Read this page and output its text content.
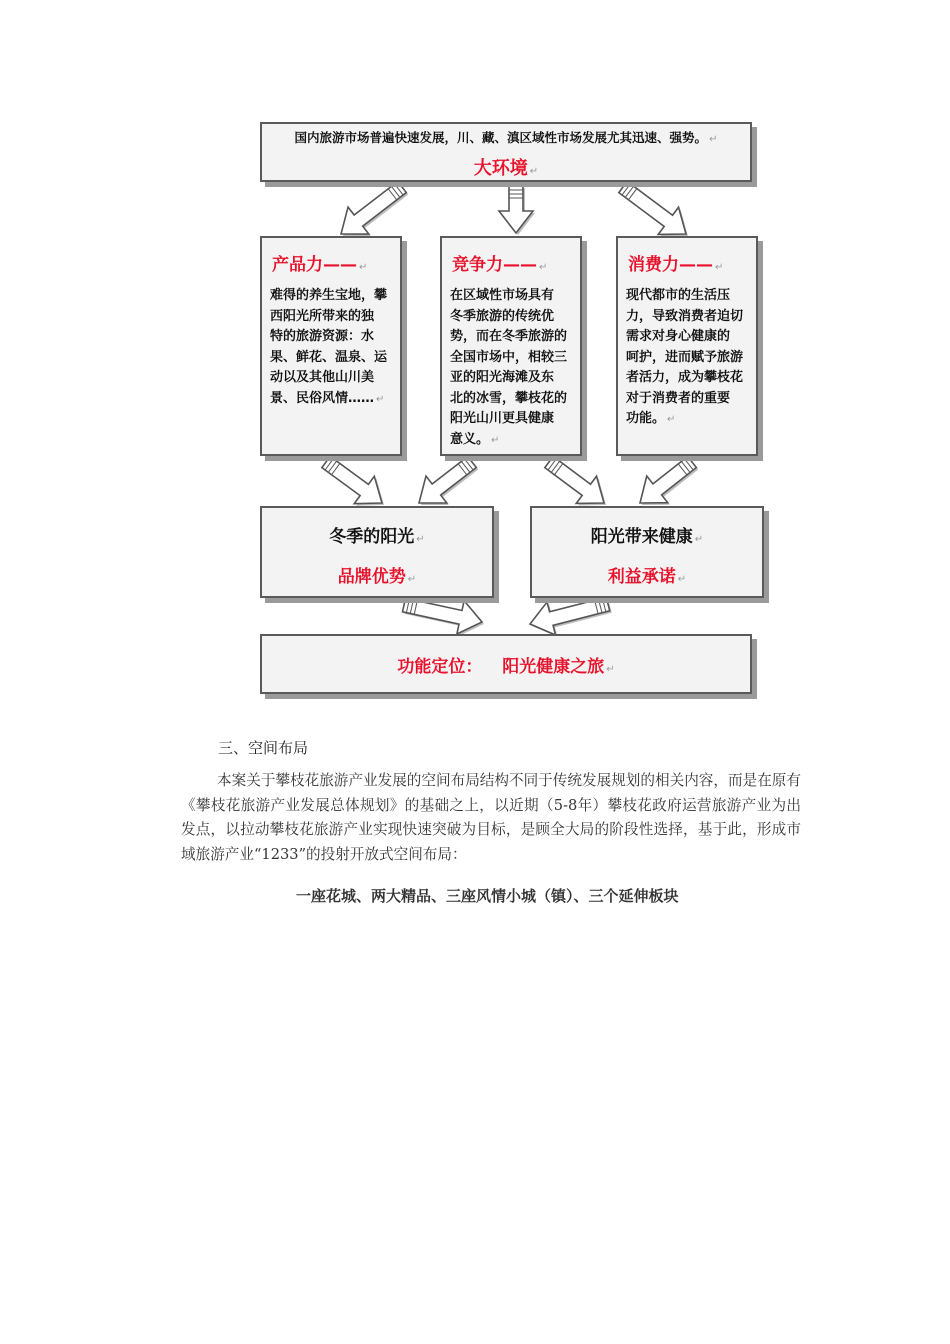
国内旅游市场普遍快速发展，川、藏、滇区域性市场发展尤其迅速、强势。 ↵
大环境 ↵
产品力—— ↵
难得的养生宝地，攀
西阳光所带来的独
特的旅游资源：水
果、鲜花、温泉、运
动以及其他山川美
景、民俗风情…… ↵
竞争力—— ↵
在区域性市场具有
冬季旅游的传统优
势，而在冬季旅游的
全国市场中，相较三
亚的阳光海滩及东
北的冰雪，攀枝花的
阳光山川更具健康
意义。 ↵
消费力—— ↵
现代都市的生活压
力，导致消费者迫切
需求对身心健康的
呵护，进而赋予旅游
者活力，成为攀枝花
对于消费者的重要
功能。 ↵
冬季的阳光 ↵
品牌优势 ↵
阳光带来健康 ↵
利益承诺 ↵
功能定位： 阳光健康之旅 ↵
三、空间布局
本案关于攀枝花旅游产业发展的空间布局结构不同于传统发展规划的相关内容，而是在原有《攀枝花旅游产业发展总体规划》的基础之上，以近期（5-8年）攀枝花政府运营旅游产业为出发点，以拉动攀枝花旅游产业实现快速突破为目标，是顾全大局的阶段性选择，基于此，形成市域旅游产业“1233”的投射开放式空间布局：
一座花城、两大精品、三座风情小城（镇）、三个延伸板块
